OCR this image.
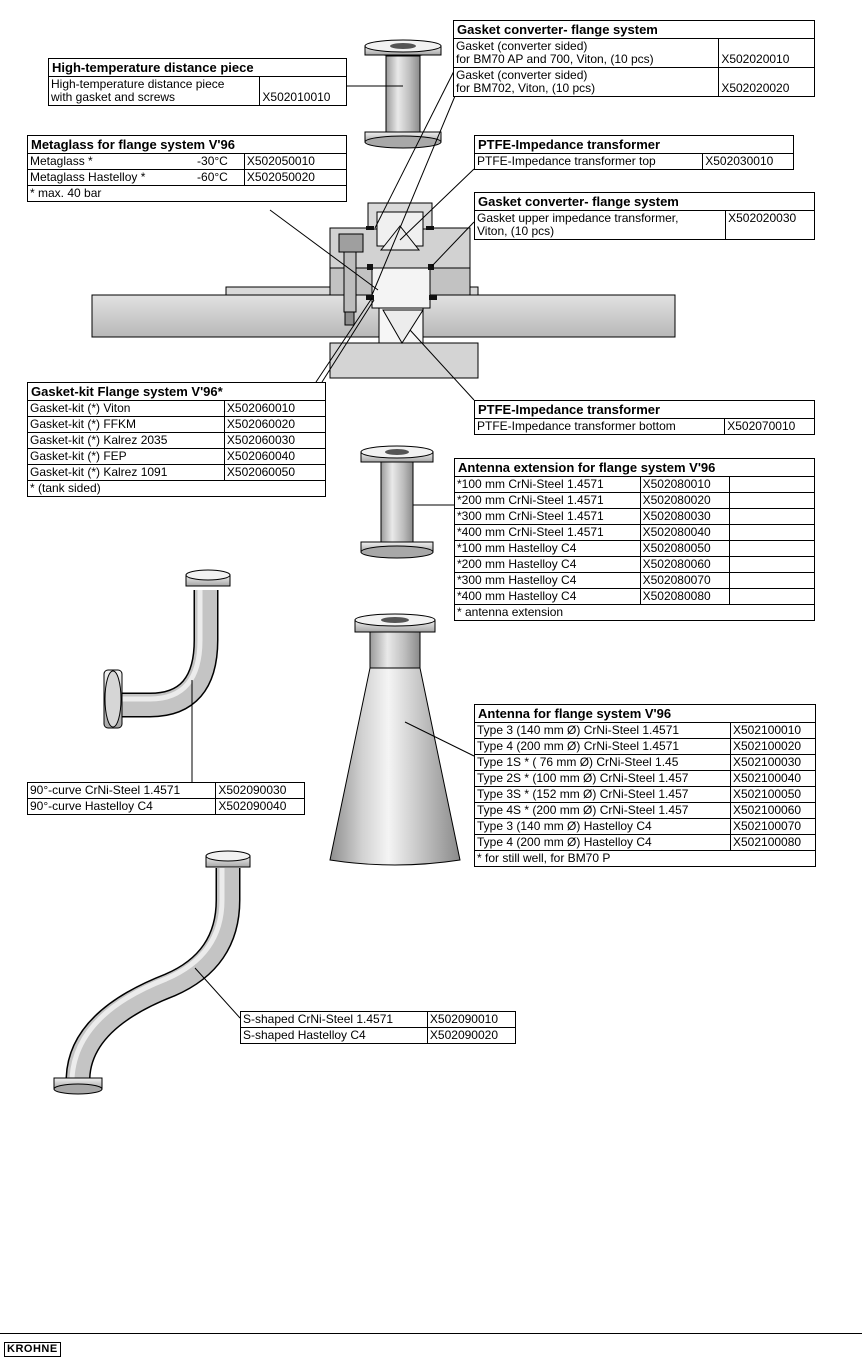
High-temperature distance piece

High-temperature distance piece
with gasket and screws	X502010010
Gasket converter- flange system	

Gasket (converter sided)
for BM70 AP and 700, Viton, (10 pcs)	X502020010

Gasket (converter sided)
for BM702, Viton, (10 pcs)	X502020020
Metaglass for flange system V'96		
Metaglass *	-30°C	X502050010
Metaglass Hastelloy *	-60°C	X502050020
* max. 40 bar		
PTFE-Impedance transformer
PTFE-Impedance transformer top	X502030010
Gasket converter- flange system

Gasket upper impedance transformer,
Viton, (10 pcs)
	X502020030
Gasket-kit Flange system V'96*	
Gasket-kit (*) Viton	X502060010
Gasket-kit (*) FFKM	X502060020
Gasket-kit (*) Kalrez 2035	X502060030
Gasket-kit (*) FEP	X502060040
Gasket-kit (*) Kalrez 1091	X502060050
* (tank sided)	
PTFE-Impedance transformer
PTFE-Impedance transformer bottom	X502070010
Antenna extension for flange system V'96		
*100 mm CrNi-Steel 1.4571	X502080010	
*200 mm CrNi-Steel 1.4571	X502080020	
*300 mm CrNi-Steel 1.4571	X502080030	
*400 mm CrNi-Steel 1.4571	X502080040	
*100 mm Hastelloy C4	X502080050	
*200 mm Hastelloy C4	X502080060	
*300 mm Hastelloy C4	X502080070	
*400 mm Hastelloy C4	X502080080	
* antenna extension		
Antenna for flange system V'96	
Type 3 (140 mm Ø) CrNi-Steel 1.4571	X502100010
Type 4 (200 mm Ø) CrNi-Steel 1.4571	X502100020
Type 1S * ( 76 mm Ø) CrNi-Steel 1.45	X502100030
Type 2S * (100 mm Ø) CrNi-Steel 1.457	X502100040
Type 3S * (152 mm Ø) CrNi-Steel 1.457	X502100050
Type 4S * (200 mm Ø) CrNi-Steel 1.457	X502100060
Type 3 (140 mm Ø) Hastelloy C4	X502100070
Type 4 (200 mm Ø) Hastelloy C4	X502100080
* for still well, for BM70 P	
90°-curve CrNi-Steel 1.4571	X502090030
90°-curve Hastelloy C4	X502090040
S-shaped CrNi-Steel 1.4571	X502090010
S-shaped Hastelloy C4	X502090020
KROHNE
